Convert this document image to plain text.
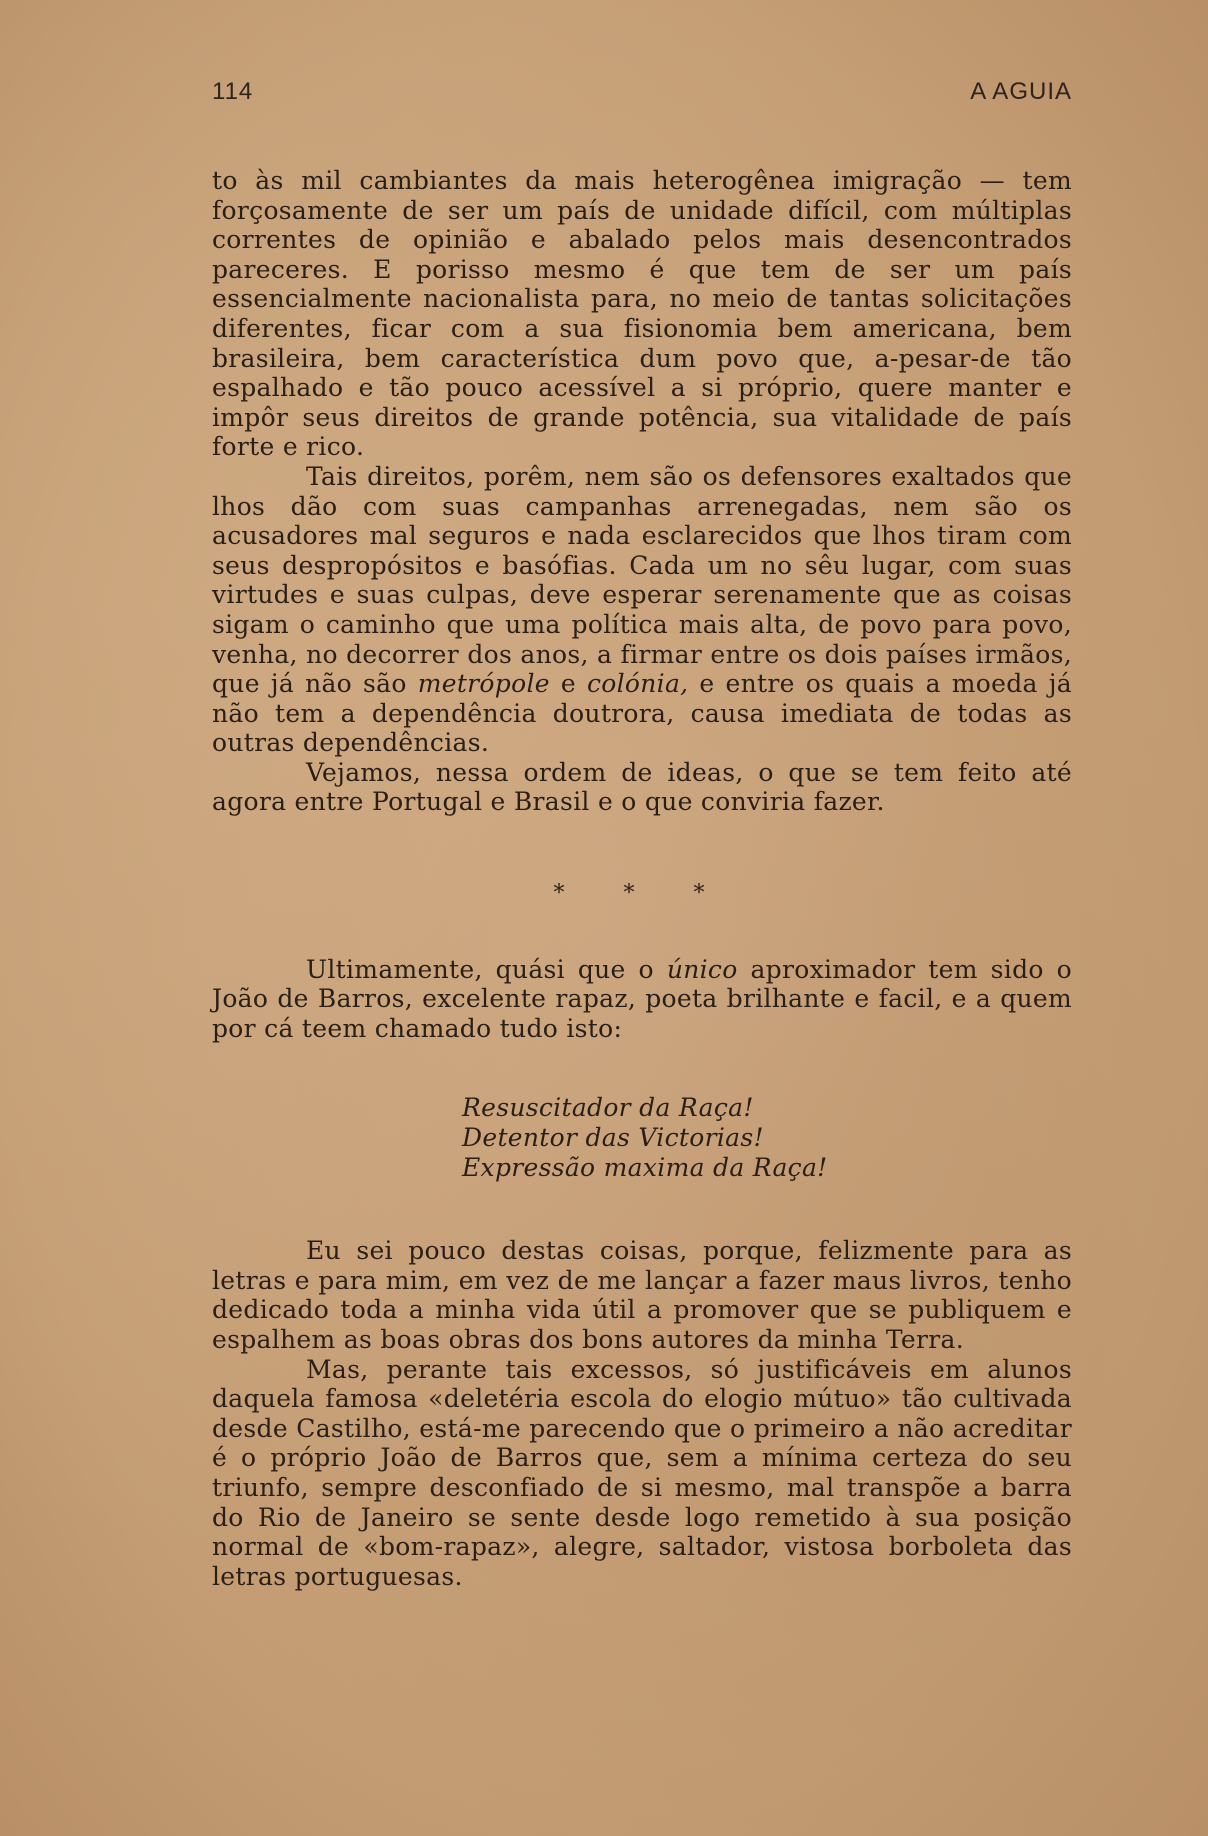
114	A AGUIA

to às mil cambiantes da mais heterogênea imigração — tem forçosamente de ser um país de unidade difícil, com múltiplas correntes de opinião e abalado pelos mais desencontrados pareceres. E porisso mesmo é que tem de ser um país essencialmente nacionalista para, no meio de tantas solicitações diferentes, ficar com a sua fisionomia bem americana, bem brasileira, bem característica dum povo que, a-pesar-de tão espalhado e tão pouco acessível a si próprio, quere manter e impôr seus direitos de grande potência, sua vitalidade de país forte e rico.

Tais direitos, porêm, nem são os defensores exaltados que lhos dão com suas campanhas arrenegadas, nem são os acusadores mal seguros e nada esclarecidos que lhos tiram com seus despropósitos e basófias. Cada um no sêu lugar, com suas virtudes e suas culpas, deve esperar serenamente que as coisas sigam o caminho que uma política mais alta, de povo para povo, venha, no decorrer dos anos, a firmar entre os dois países irmãos, que já não são metrópole e colónia, e entre os quais a moeda já não tem a dependência doutrora, causa imediata de todas as outras dependências.

Vejamos, nessa ordem de ideas, o que se tem feito até agora entre Portugal e Brasil e o que conviria fazer.

* * *

Ultimamente, quási que o único aproximador tem sido o João de Barros, excelente rapaz, poeta brilhante e facil, e a quem por cá teem chamado tudo isto:

Resuscitador da Raça!
Detentor das Victorias!
Expressão maxima da Raça!

Eu sei pouco destas coisas, porque, felizmente para as letras e para mim, em vez de me lançar a fazer maus livros, tenho dedicado toda a minha vida útil a promover que se publiquem e espalhem as boas obras dos bons autores da minha Terra.

Mas, perante tais excessos, só justificáveis em alunos daquela famosa «deletéria escola do elogio mútuo» tão cultivada desde Castilho, está-me parecendo que o primeiro a não acreditar é o próprio João de Barros que, sem a mínima certeza do seu triunfo, sempre desconfiado de si mesmo, mal transpõe a barra do Rio de Janeiro se sente desde logo remetido à sua posição normal de «bom-rapaz», alegre, saltador, vistosa borboleta das letras portuguesas.
